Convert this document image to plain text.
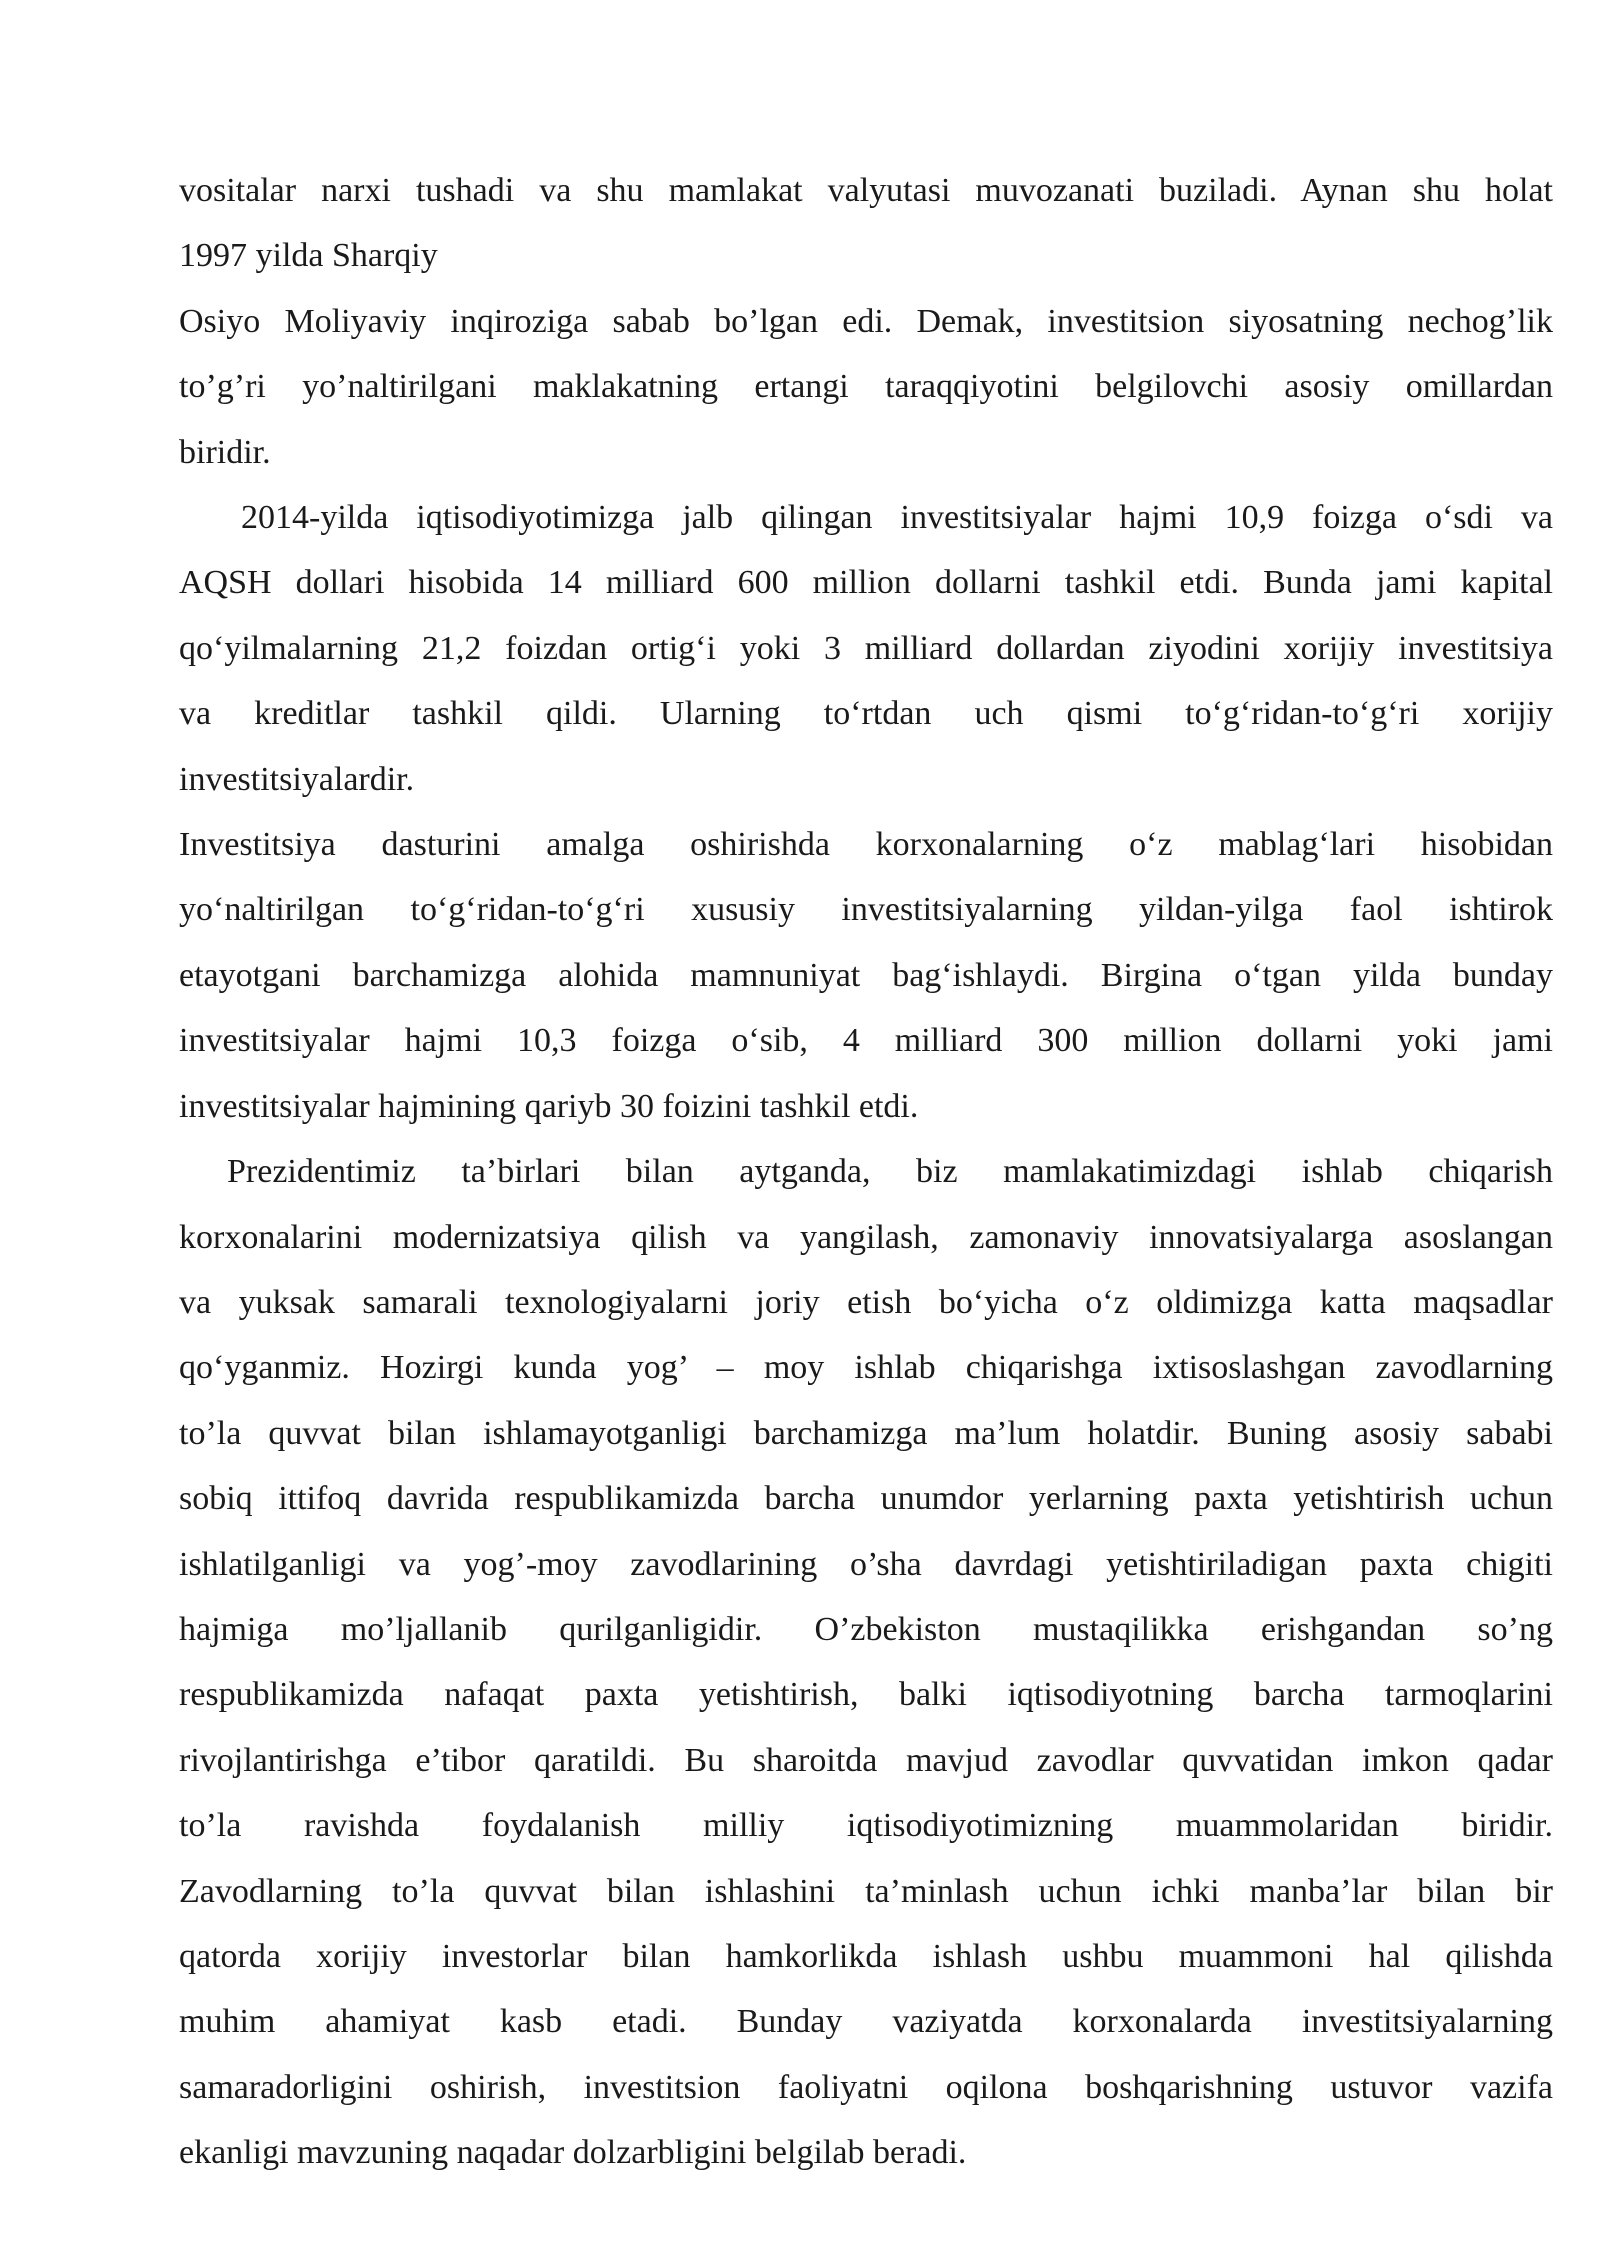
vositalar narxi tushadi va shu mamlakat valyutasi muvozanati buziladi. Aynan shu holat
1997 yilda Sharqiy

Osiyo Moliyaviy inqiroziga sabab bo’lgan edi. Demak, investitsion siyosatning nechog’lik
to’g’ri yo’naltirilgani maklakatning ertangi taraqqiyotini belgilovchi asosiy omillardan
biridir.

2014-yilda iqtisodiyotimizga jalb qilingan investitsiyalar hajmi 10,9 foizga o‘sdi va
AQSH dollari hisobida 14 milliard 600 million dollarni tashkil etdi. Bunda jami kapital
qo‘yilmalarning 21,2 foizdan ortig‘i yoki 3 milliard dollardan ziyodini xorijiy investitsiya
va kreditlar tashkil qildi. Ularning to‘rtdan uch qismi to‘g‘ridan-to‘g‘ri xorijiy
investitsiyalardir.

Investitsiya dasturini amalga oshirishda korxonalarning o‘z mablag‘lari hisobidan
yo‘naltirilgan to‘g‘ridan-to‘g‘ri xususiy investitsiyalarning yildan-yilga faol ishtirok
etayotgani barchamizga alohida mamnuniyat bag‘ishlaydi. Birgina o‘tgan yilda bunday
investitsiyalar hajmi 10,3 foizga o‘sib, 4 milliard 300 million dollarni yoki jami
investitsiyalar hajmining qariyb 30 foizini tashkil etdi.

Prezidentimiz ta’birlari bilan aytganda, biz mamlakatimizdagi ishlab chiqarish
korxonalarini modernizatsiya qilish va yangilash, zamonaviy innovatsiyalarga asoslangan
va yuksak samarali texnologiyalarni joriy etish bo‘yicha o‘z oldimizga katta maqsadlar
qo‘yganmiz. Hozirgi kunda yog’ – moy ishlab chiqarishga ixtisoslashgan zavodlarning
to’la quvvat bilan ishlamayotganligi barchamizga ma’lum holatdir. Buning asosiy sababi
sobiq ittifoq davrida respublikamizda barcha unumdor yerlarning paxta yetishtirish uchun
ishlatilganligi va yog’-moy zavodlarining o’sha davrdagi yetishtiriladigan paxta chigiti
hajmiga mo’ljallanib qurilganligidir. O’zbekiston mustaqilikka erishgandan so’ng
respublikamizda nafaqat paxta yetishtirish, balki iqtisodiyotning barcha tarmoqlarini
rivojlantirishga e’tibor qaratildi. Bu sharoitda mavjud zavodlar quvvatidan imkon qadar
to’la ravishda foydalanish milliy iqtisodiyotimizning muammolaridan biridir.
Zavodlarning to’la quvvat bilan ishlashini ta’minlash uchun ichki manba’lar bilan bir
qatorda xorijiy investorlar bilan hamkorlikda ishlash ushbu muammoni hal qilishda
muhim ahamiyat kasb etadi. Bunday vaziyatda korxonalarda investitsiyalarning
samaradorligini oshirish, investitsion faoliyatni oqilona boshqarishning ustuvor vazifa
ekanligi mavzuning naqadar dolzarbligini belgilab beradi.
